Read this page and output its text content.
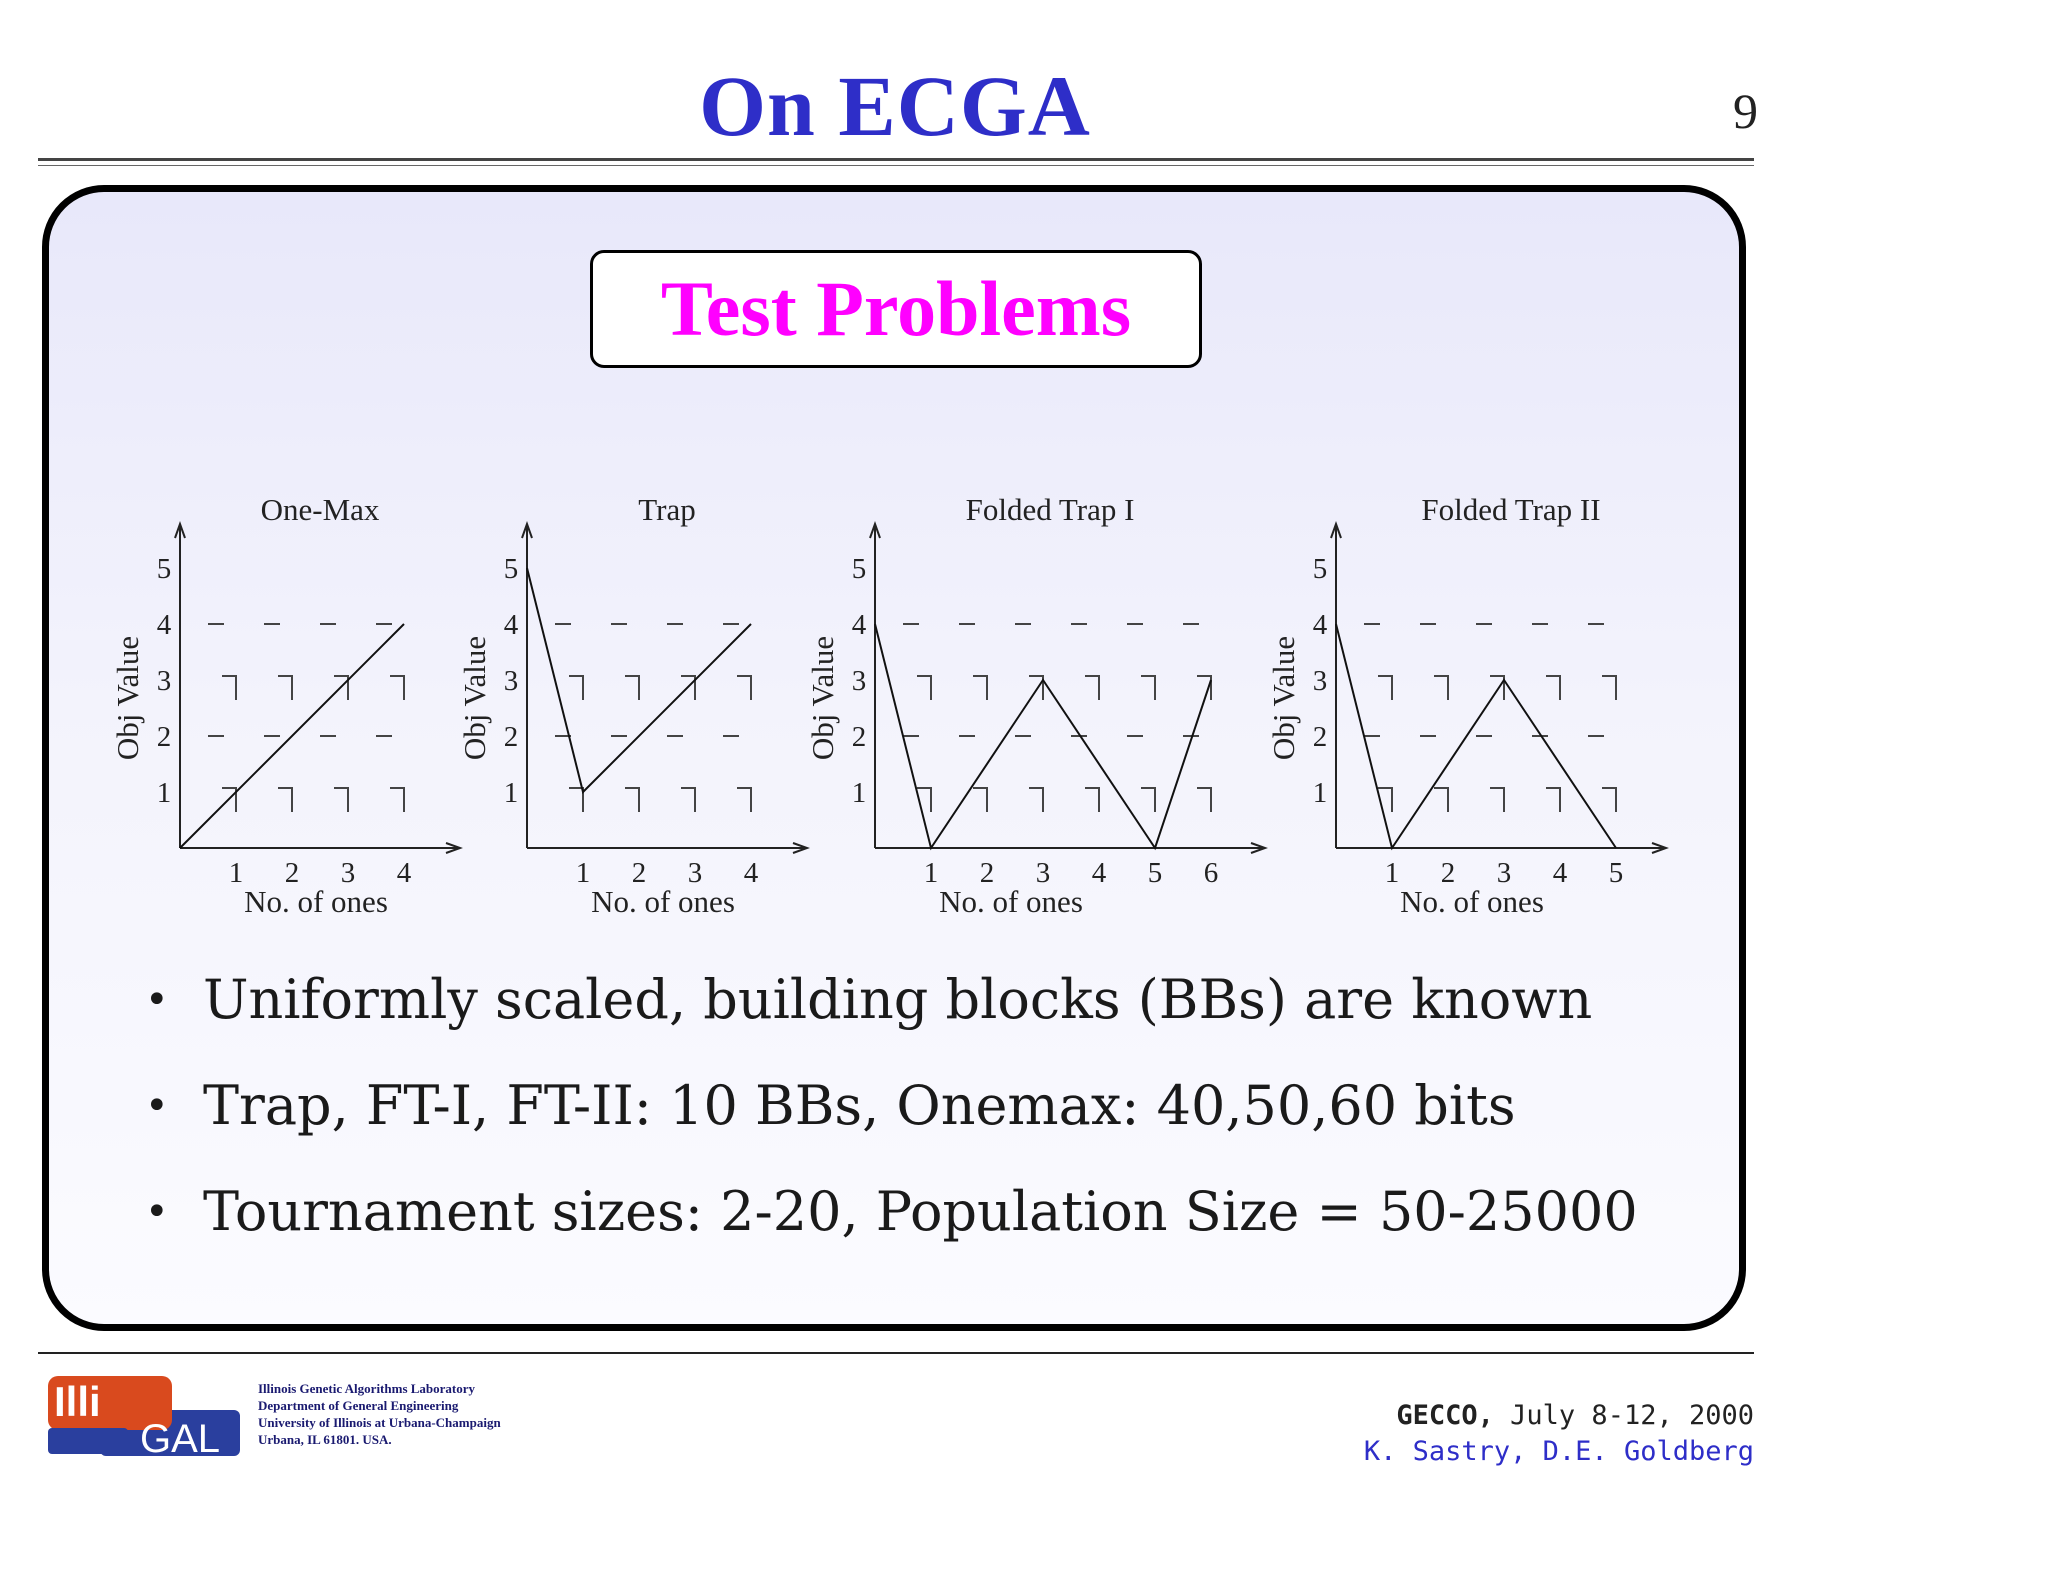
On ECGA	9
Test Problems
1 2 3 4
1
2
3
4
5
One-Max
No. of ones
Obj Value
1 2 3 4
1
2
3
4
5
Trap
No. of ones
Obj Value
1 2 3 4 5 6
1
2
3
4
5
Folded Trap I
No. of ones
Obj Value
1 2 3 4 5
1
2
3
4
5
Folded Trap II
No. of ones
Obj Value
• Uniformly scaled, building blocks (BBs) are known
• Trap, FT-I, FT-II: 10 BBs, Onemax: 40,50,60 bits
• Tournament sizes: 2-20, Population Size = 50-25000
Illi
GAL
Illinois Genetic Algorithms Laboratory
Department of General Engineering
University of Illinois at Urbana-Champaign
Urbana, IL 61801. USA.
GECCO, July 8-12, 2000
K. Sastry, D.E. Goldberg
